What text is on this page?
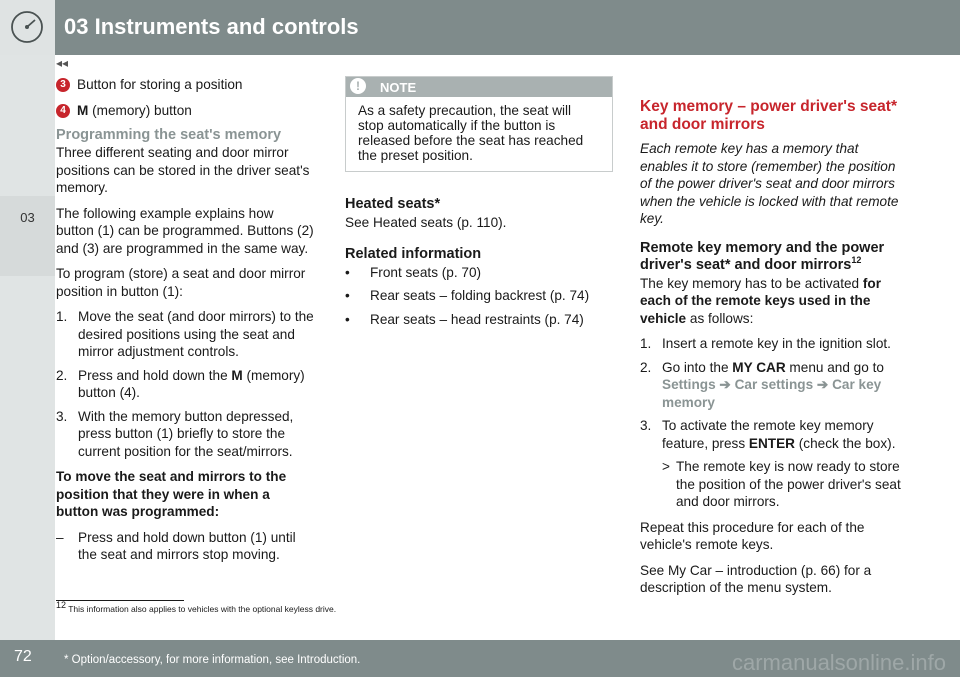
03 Instruments and controls
◂◂
03
3 Button for storing a position
4 M (memory) button
Programming the seat's memory

Three different seating and door mirror positions can be stored in the driver seat's memory.

The following example explains how button (1) can be programmed. Buttons (2) and (3) are programmed in the same way.

To program (store) a seat and door mirror position in button (1):

1. Move the seat (and door mirrors) to the desired positions using the seat and mirror adjustment controls.
2. Press and hold down the M (memory) button (4).
3. With the memory button depressed, press button (1) briefly to store the current position for the seat/mirrors.

To move the seat and mirrors to the position that they were in when a button was programmed:

–	Press and hold down button (1) until the seat and mirrors stop moving.
!	NOTE
As a safety precaution, the seat will stop automatically if the button is released before the seat has reached the preset position.
Heated seats*

See Heated seats (p. 110).

Related information
•	Front seats (p. 70)
•	Rear seats – folding backrest (p. 74)
•	Rear seats – head restraints (p. 74)
Key memory – power driver's seat* and door mirrors

Each remote key has a memory that enables it to store (remember) the position of the power driver's seat and door mirrors when the vehicle is locked with that remote key.

Remote key memory and the power driver's seat* and door mirrors$^{12}$

The key memory has to be activated for each of the remote keys used in the vehicle as follows:

1. Insert a remote key in the ignition slot.
2. Go into the MY CAR menu and go to
Settings ➔ Car settings ➔ Car key memory
3. To activate the remote key memory feature, press ENTER (check the box).
> The remote key is now ready to store the position of the power driver's seat and door mirrors.

Repeat this procedure for each of the vehicle's remote keys.

See My Car – introduction (p. 66) for a description of the menu system.

$^{12}$ This information also applies to vehicles with the optional keyless drive.
72	* Option/accessory, for more information, see Introduction.	carmanualsonline.info
